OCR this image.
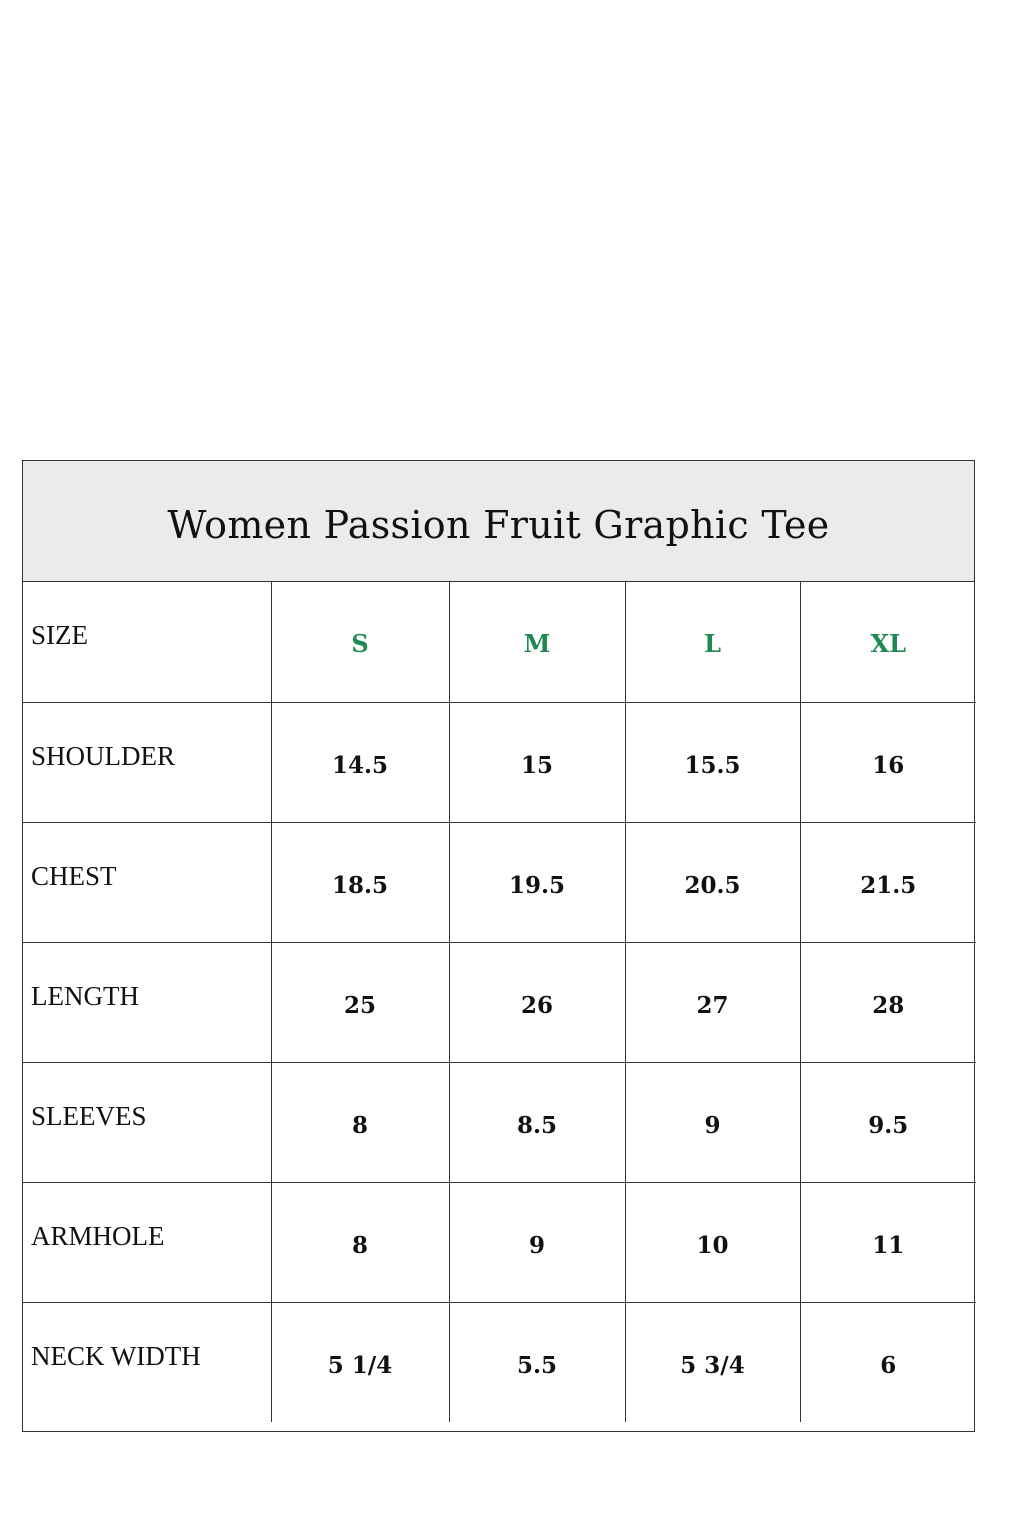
Women Passion Fruit Graphic Tee
SIZE	S	M	L	XL
SHOULDER	14.5	15	15.5	16
CHEST	18.5	19.5	20.5	21.5
LENGTH	25	26	27	28
SLEEVES	8	8.5	9	9.5
ARMHOLE	8	9	10	11
NECK WIDTH	5 1/4	5.5	5 3/4	6
